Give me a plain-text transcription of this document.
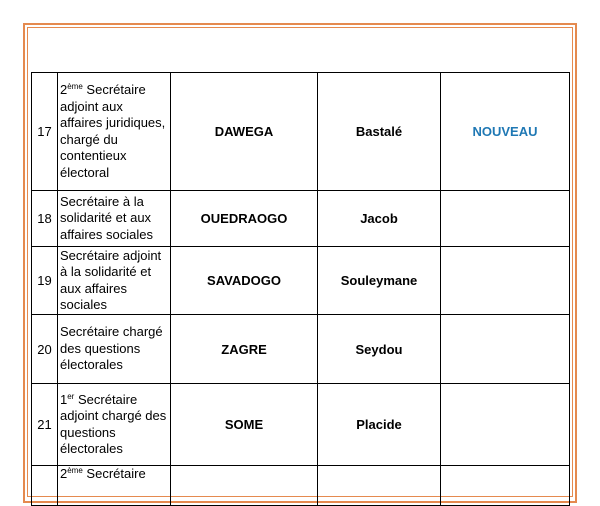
17	2ème Secrétaire adjoint aux affaires juridiques, chargé du contentieux électoral	DAWEGA	Bastalé	NOUVEAU
18	Secrétaire à la solidarité et aux affaires sociales	OUEDRAOGO	Jacob	
19	Secrétaire adjoint à la solidarité et aux affaires sociales	SAVADOGO	Souleymane	
20	Secrétaire chargé des questions électorales	ZAGRE	Seydou	
21	1er Secrétaire adjoint chargé des questions électorales	SOME	Placide	
	2ème Secrétaire			
